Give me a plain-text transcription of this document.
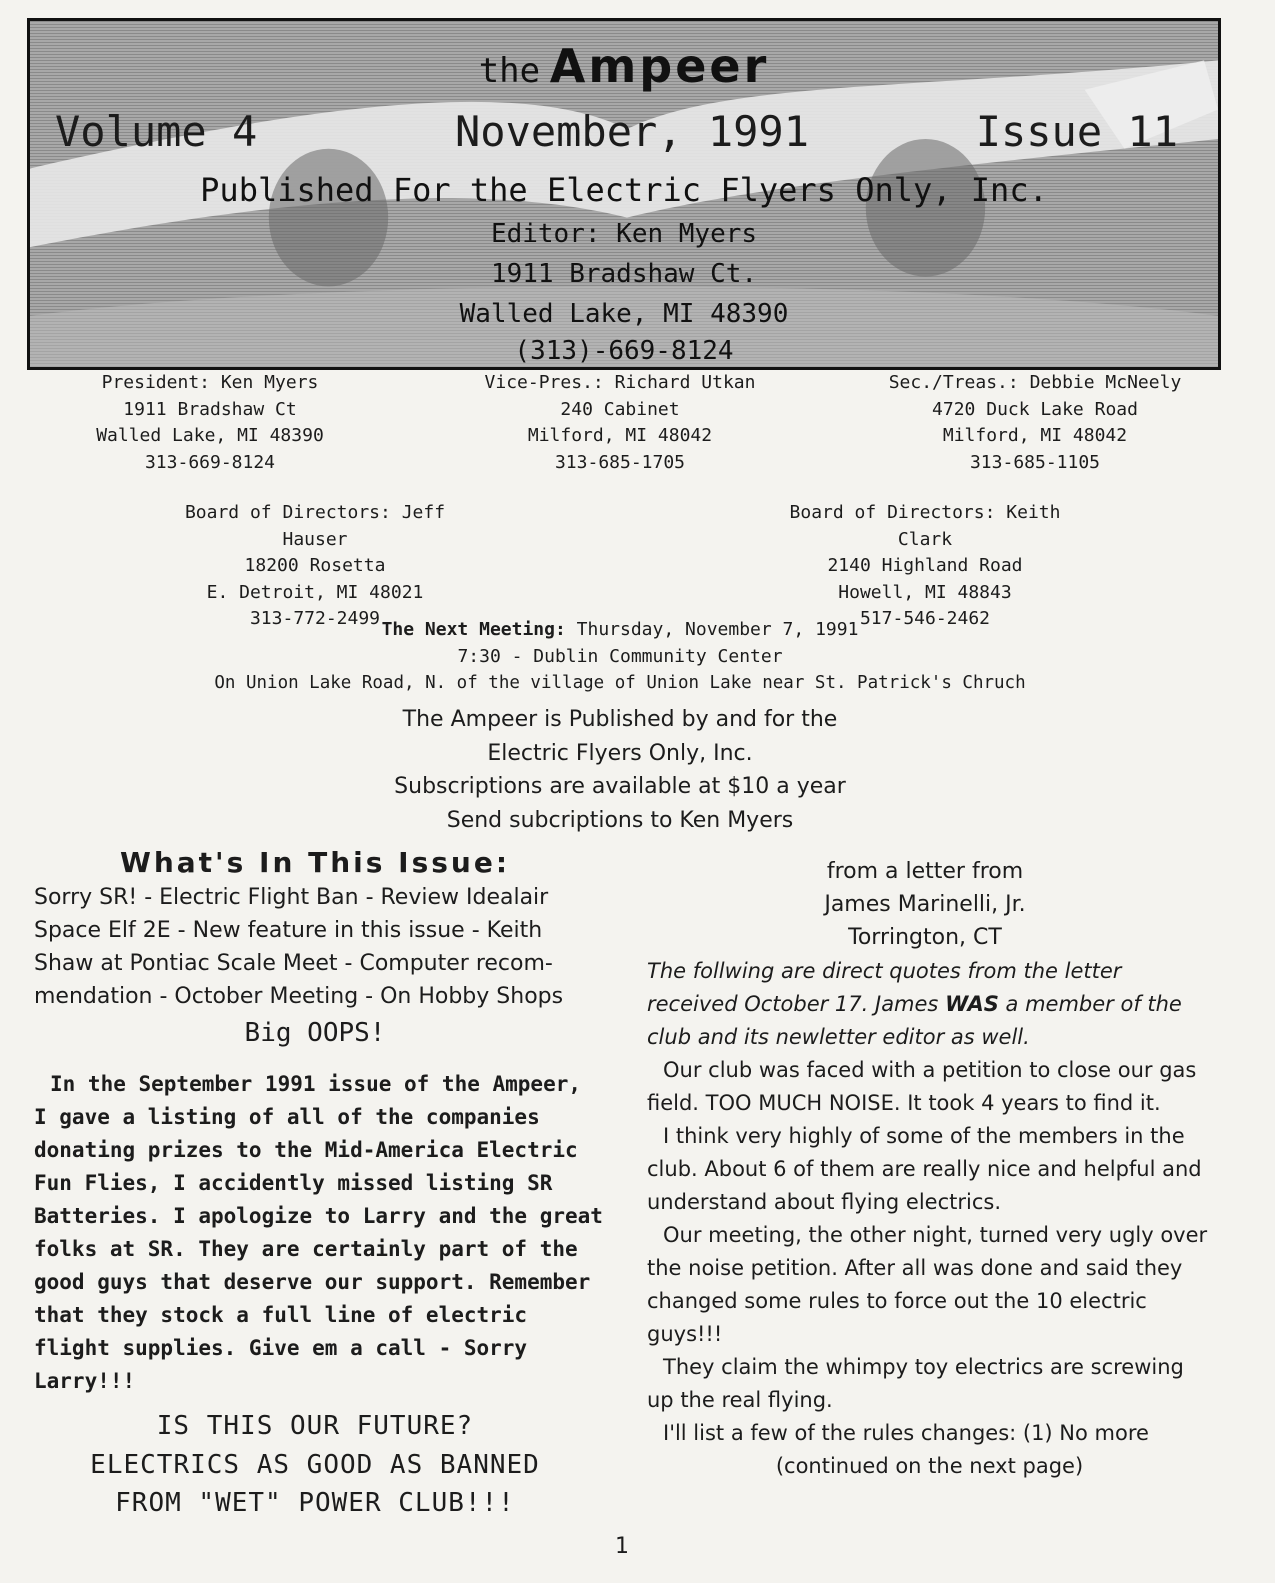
the Ampeer
Volume 4	November, 1991	Issue 11
Published For the Electric Flyers Only, Inc.
Editor: Ken Myers
1911 Bradshaw Ct.
Walled Lake, MI 48390
(313)-669-8124
President: Ken Myers
1911 Bradshaw Ct
Walled Lake, MI 48390
313-669-8124
Vice-Pres.: Richard Utkan
240 Cabinet
Milford, MI 48042
313-685-1705
Sec./Treas.: Debbie McNeely
4720 Duck Lake Road
Milford, MI 48042
313-685-1105
Board of Directors: Jeff Hauser
18200 Rosetta
E. Detroit, MI 48021
313-772-2499
Board of Directors: Keith Clark
2140 Highland Road
Howell, MI 48843
517-546-2462
The Next Meeting: Thursday, November 7, 1991
7:30 - Dublin Community Center
On Union Lake Road, N. of the village of Union Lake near St. Patrick's Chruch
The Ampeer is Published by and for the
Electric Flyers Only, Inc.
Subscriptions are available at $10 a year
Send subcriptions to Ken Myers
What's In This Issue:
Sorry SR! - Electric Flight Ban - Review Idealair Space Elf 2E - New feature in this issue - Keith Shaw at Pontiac Scale Meet - Computer recom-mendation - October Meeting - On Hobby Shops
Big OOPS!
In the September 1991 issue of the Ampeer, I gave a listing of all of the companies donating prizes to the Mid-America Electric Fun Flies, I accidently missed listing SR Batteries. I apologize to Larry and the great folks at SR. They are certainly part of the good guys that deserve our support. Remember that they stock a full line of electric flight supplies. Give em a call - Sorry Larry!!!
IS THIS OUR FUTURE?
ELECTRICS AS GOOD AS BANNED
FROM "WET" POWER CLUB!!!
from a letter from
James Marinelli, Jr.
Torrington, CT

The follwing are direct quotes from the letter received October 17. James WAS a member of the club and its newletter editor as well.

Our club was faced with a petition to close our gas field. TOO MUCH NOISE. It took 4 years to find it.

I think very highly of some of the members in the club. About 6 of them are really nice and helpful and understand about flying electrics.

Our meeting, the other night, turned very ugly over the noise petition. After all was done and said they changed some rules to force out the 10 electric guys!!!

They claim the whimpy toy electrics are screwing up the real flying.

I'll list a few of the rules changes: (1) No more

(continued on the next page)

1
